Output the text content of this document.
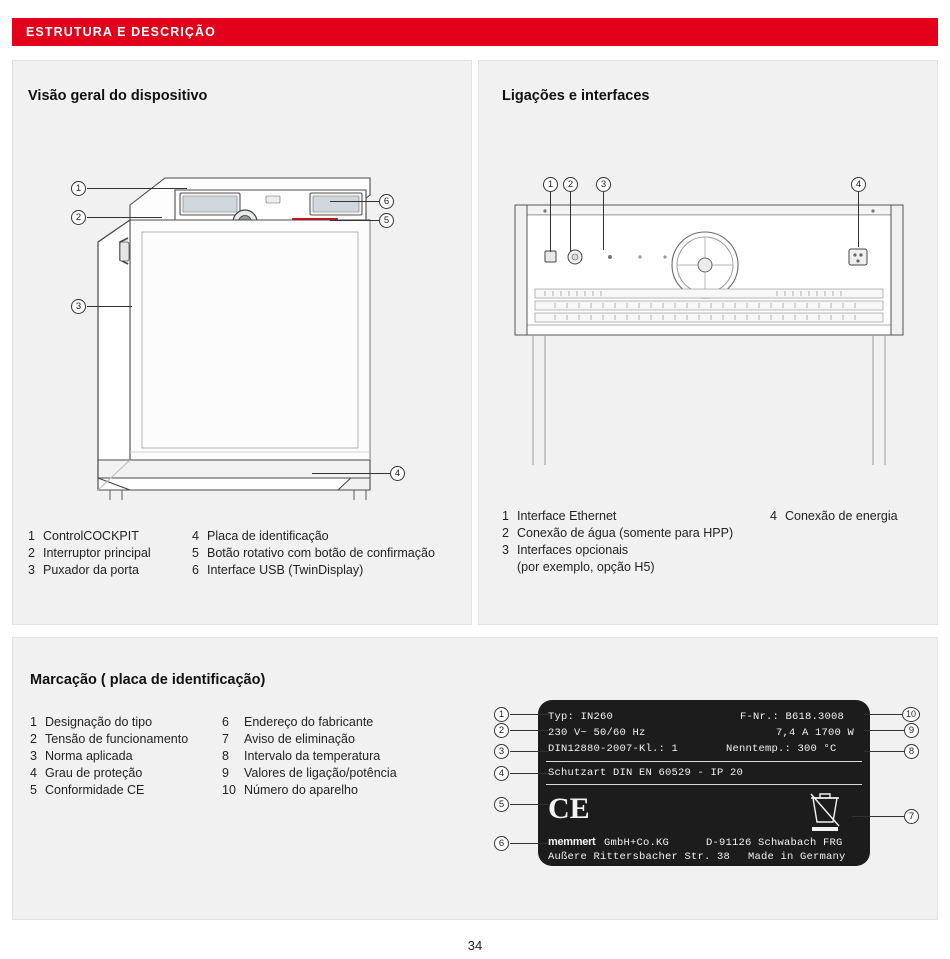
ESTRUTURA E DESCRIÇÃO
Visão geral do dispositivo
1
2
3
4
5
6
1 ControlCOCKPIT
2 Interruptor principal
3 Puxador da porta
4 Placa de identificação
5 Botão rotativo com botão de confirmação
6 Interface USB (TwinDisplay)
Ligações e interfaces
1	2	3	4
1 Interface Ethernet
2 Conexão de água (somente para HPP)
3 Interfaces opcionais
(por exemplo, opção H5)
4 Conexão de energia
Marcação ( placa de identificação)
1 Designação do tipo
2 Tensão de funcionamento
3 Norma aplicada
4 Grau de proteção
5 Conformidade CE
6	Endereço do fabricante
7	Aviso de eliminação
8	Intervalo da temperatura
9	Valores de ligação/potência
10 Número do aparelho
Typ: IN260	F-Nr.: B618.3008
230 V~ 50/60 Hz	7,4 A 1700 W
DIN12880-2007-Kl.: 1	Nenntemp.: 300 °C
Schutzart DIN EN 60529 - IP 20
CE
memmert GmbH+Co.KG	D-91126 Schwabach FRG
Außere Rittersbacher Str. 38 Made in Germany
1
2
3
4
5
6
10
9
8
7
34
